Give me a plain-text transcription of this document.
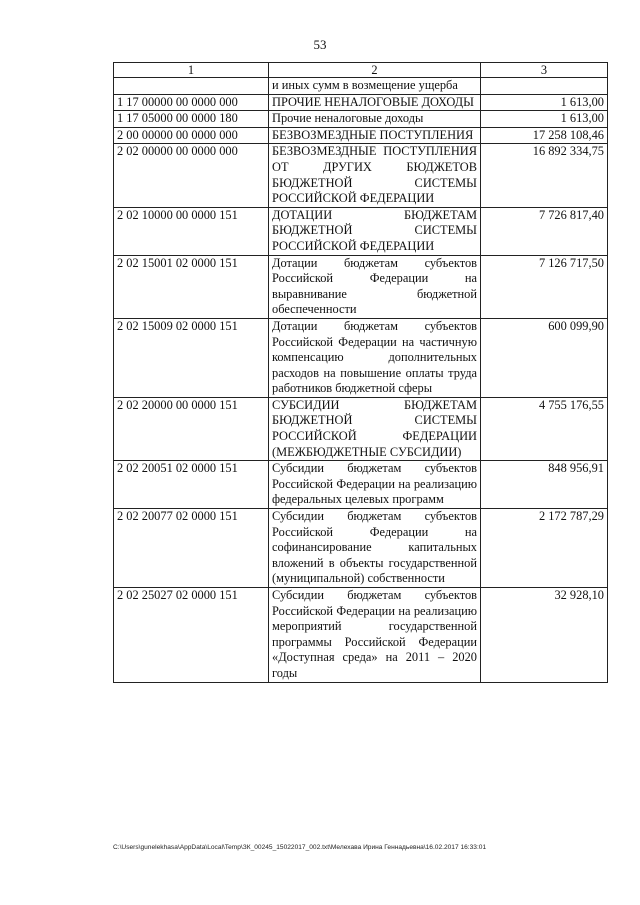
53
1	2	3
	и иных сумм в возмещение ущерба	
1 17 00000 00 0000 000	ПРОЧИЕ НЕНАЛОГОВЫЕ ДОХОДЫ	1 613,00
1 17 05000 00 0000 180	Прочие неналоговые доходы	1 613,00
2 00 00000 00 0000 000	БЕЗВОЗМЕЗДНЫЕ ПОСТУПЛЕНИЯ	17 258 108,46
2 02 00000 00 0000 000	БЕЗВОЗМЕЗДНЫЕ ПОСТУПЛЕНИЯ ОТ ДРУГИХ БЮДЖЕТОВ БЮДЖЕТНОЙ СИСТЕМЫ РОССИЙСКОЙ ФЕДЕРАЦИИ	16 892 334,75
2 02 10000 00 0000 151	ДОТАЦИИ БЮДЖЕТАМ БЮДЖЕТНОЙ СИСТЕМЫ РОССИЙСКОЙ ФЕДЕРАЦИИ	7 726 817,40
2 02 15001 02 0000 151	Дотации бюджетам субъектов Российской Федерации на выравнивание бюджетной обеспеченности	7 126 717,50
2 02 15009 02 0000 151	Дотации бюджетам субъектов Российской Федерации на частичную компенсацию дополнительных расходов на повышение оплаты труда работников бюджетной сферы	600 099,90
2 02 20000 00 0000 151	СУБСИДИИ БЮДЖЕТАМ БЮДЖЕТНОЙ СИСТЕМЫ РОССИЙСКОЙ ФЕДЕРАЦИИ (МЕЖБЮДЖЕТНЫЕ СУБСИДИИ)	4 755 176,55
2 02 20051 02 0000 151	Субсидии бюджетам субъектов Российской Федерации на реализацию федеральных целевых программ	848 956,91
2 02 20077 02 0000 151	Субсидии бюджетам субъектов Российской Федерации на софинансирование капитальных вложений в объекты государственной (муниципальной) собственности	2 172 787,29
2 02 25027 02 0000 151	Субсидии бюджетам субъектов Российской Федерации на реализацию мероприятий государственной программы Российской Федерации «Доступная среда» на 2011 – 2020 годы	32 928,10
C:\Users\gunelekhasa\AppData\Local\Temp\ЗК_00245_15022017_002.txt\Мелехава Ирина Геннадьевна\16.02.2017 16:33:01
